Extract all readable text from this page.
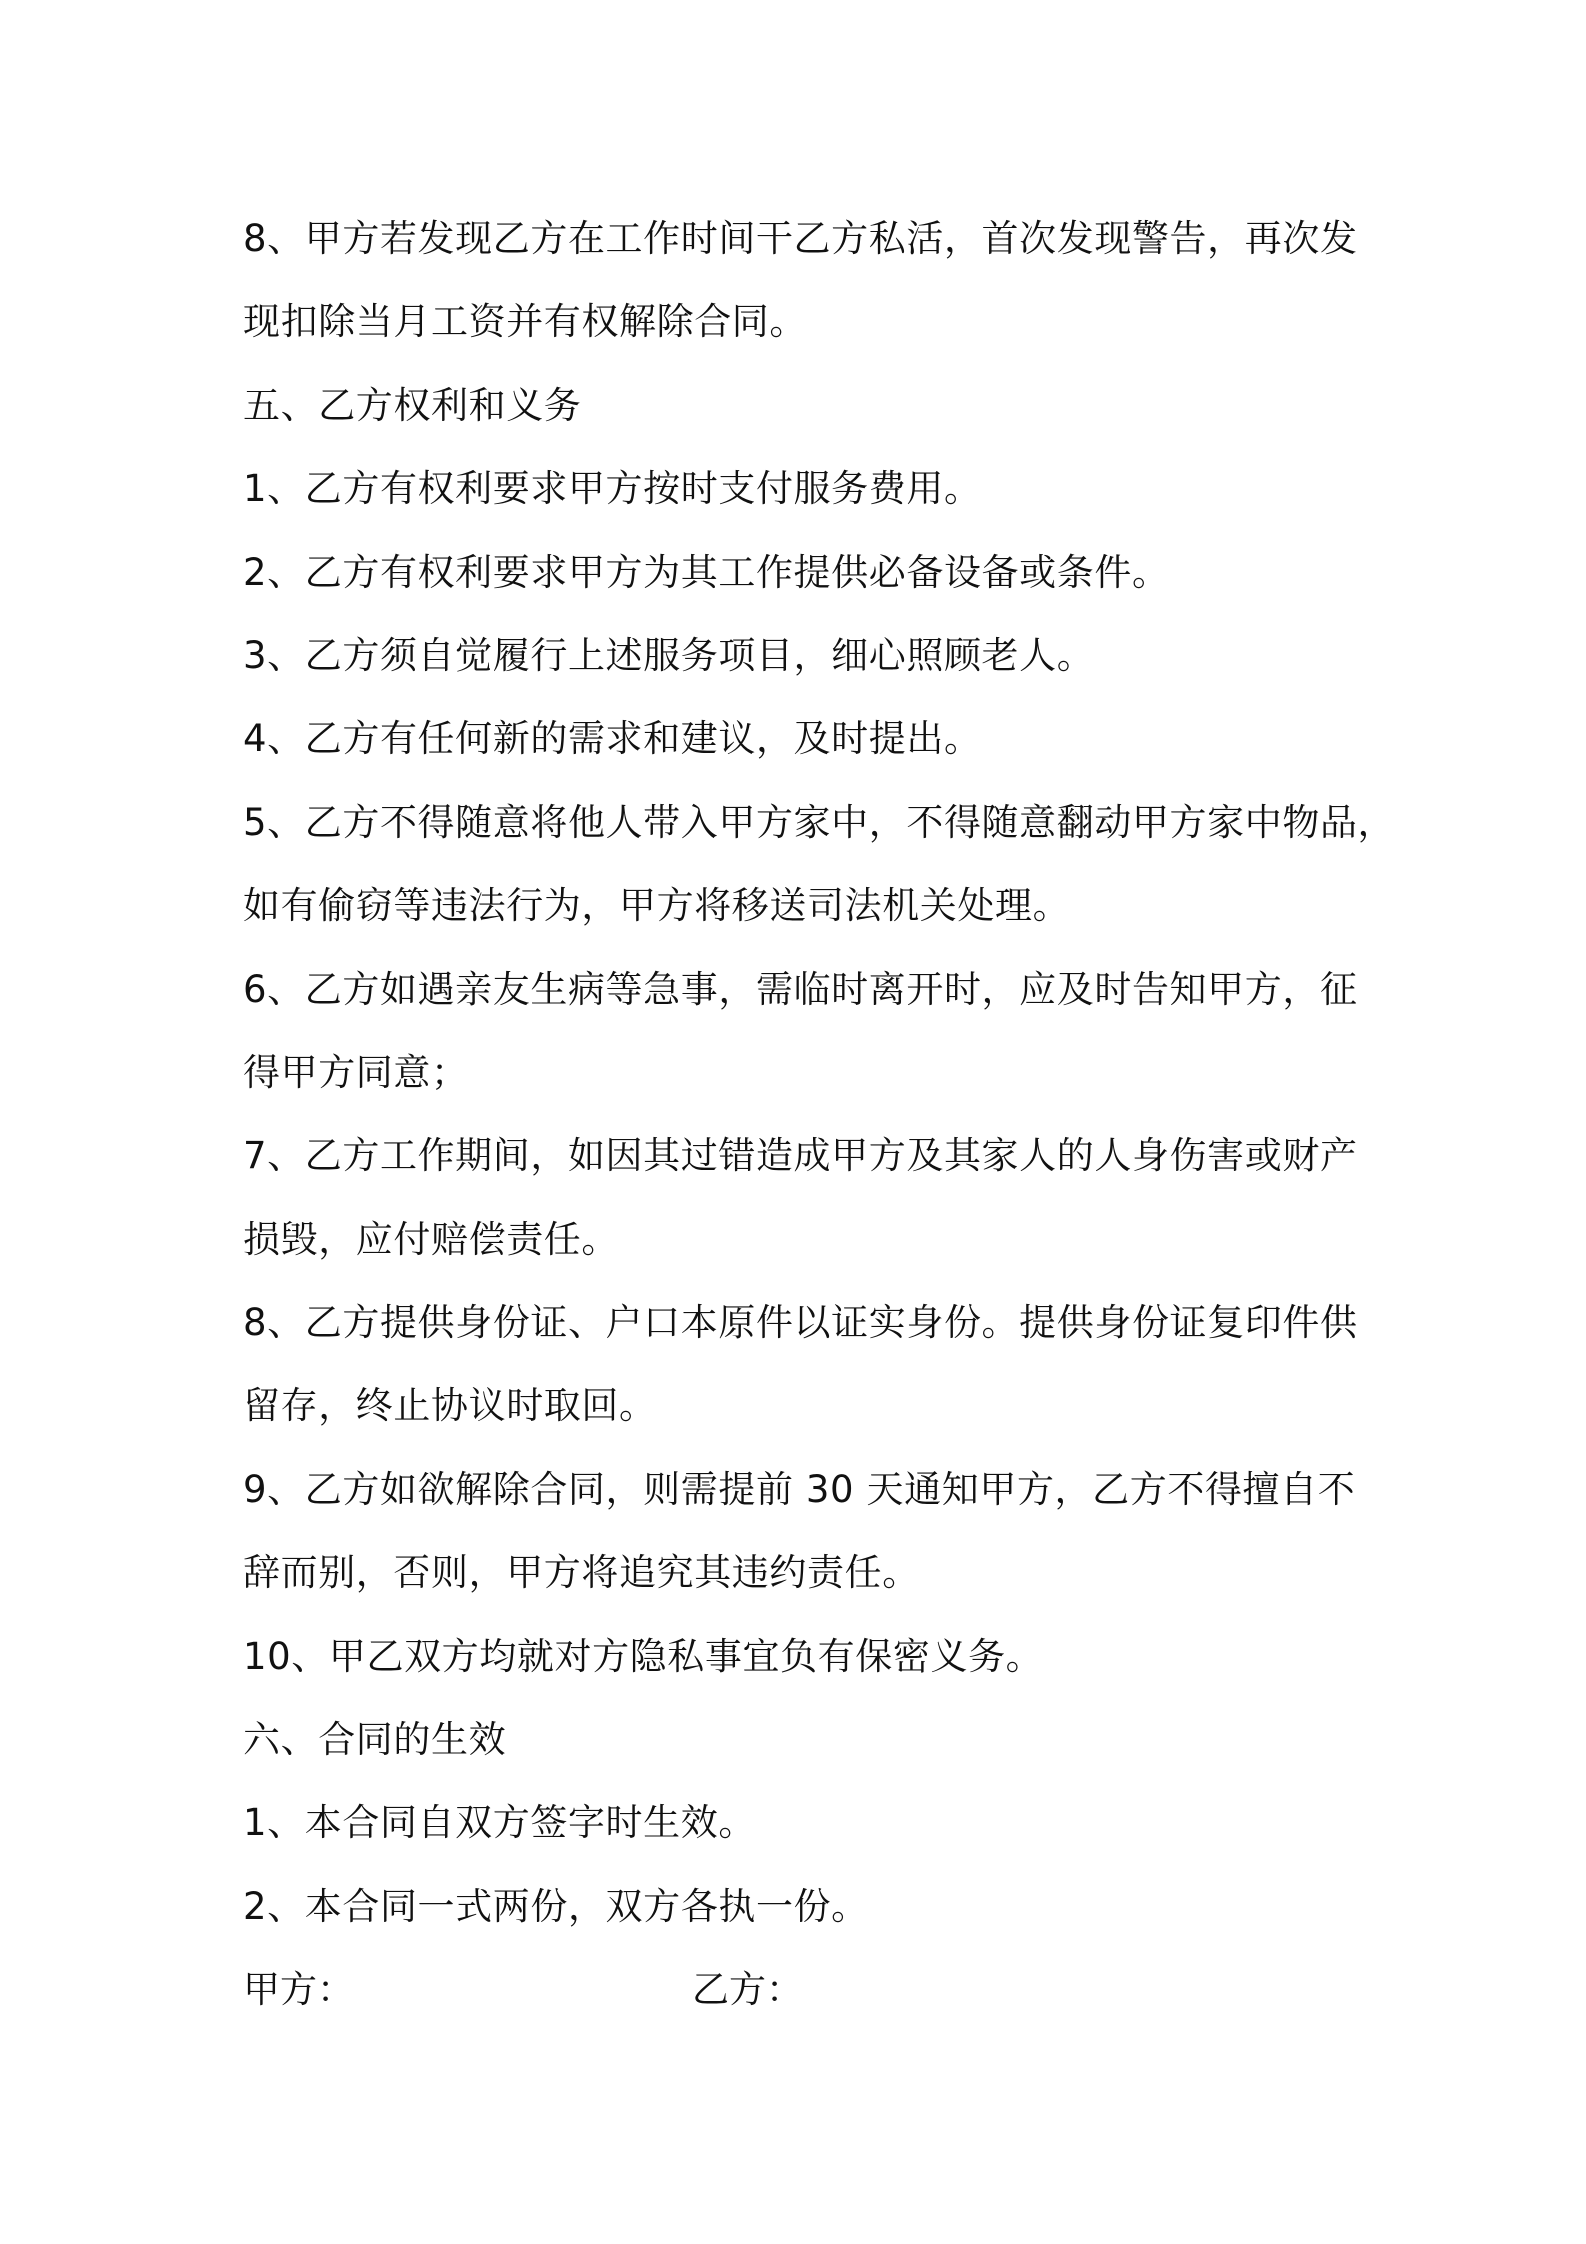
8、甲方若发现乙方在工作时间干乙方私活，首次发现警告，再次发
现扣除当月工资并有权解除合同。
五、乙方权利和义务
1、乙方有权利要求甲方按时支付服务费用。
2、乙方有权利要求甲方为其工作提供必备设备或条件。
3、乙方须自觉履行上述服务项目，细心照顾老人。
4、乙方有任何新的需求和建议，及时提出。
5、乙方不得随意将他人带入甲方家中，不得随意翻动甲方家中物品，
如有偷窃等违法行为，甲方将移送司法机关处理。
6、乙方如遇亲友生病等急事，需临时离开时，应及时告知甲方，征
得甲方同意；
7、乙方工作期间，如因其过错造成甲方及其家人的人身伤害或财产
损毁，应付赔偿责任。
8、乙方提供身份证、户口本原件以证实身份。提供身份证复印件供
留存，终止协议时取回。
9、乙方如欲解除合同，则需提前 30 天通知甲方，乙方不得擅自不
辞而别，否则，甲方将追究其违约责任。
10、甲乙双方均就对方隐私事宜负有保密义务。
六、合同的生效
1、本合同自双方签字时生效。
2、本合同一式两份，双方各执一份。
甲方：	乙方：
